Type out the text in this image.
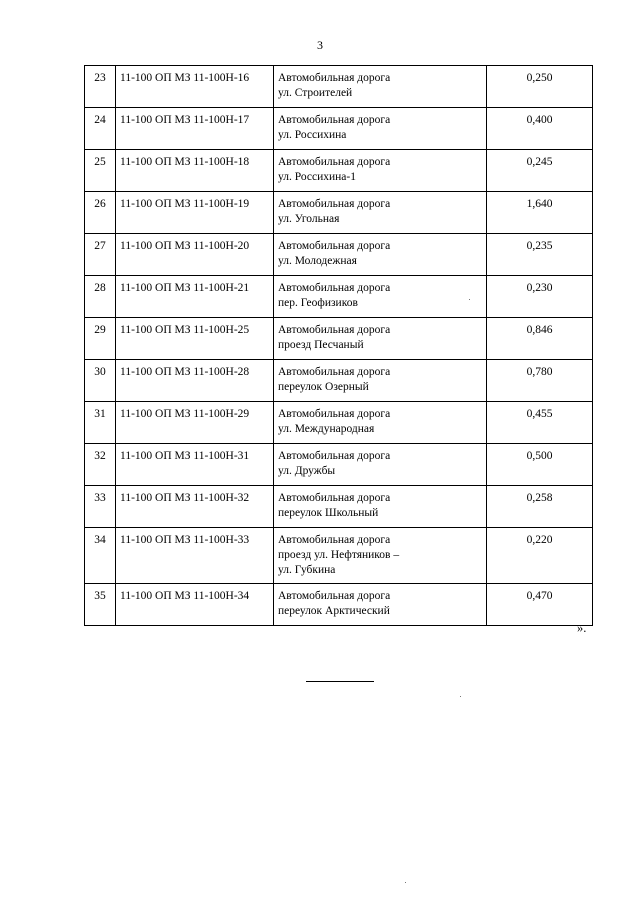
3
23	11-100 ОП МЗ 11-100Н-16	Автомобильная дорога
ул. Строителей	0,250
24	11-100 ОП МЗ 11-100Н-17	Автомобильная дорога
ул. Россихина	0,400
25	11-100 ОП МЗ 11-100Н-18	Автомобильная дорога
ул. Россихина-1	0,245
26	11-100 ОП МЗ 11-100Н-19	Автомобильная дорога
ул. Угольная	1,640
27	11-100 ОП МЗ 11-100Н-20	Автомобильная дорога
ул. Молодежная	0,235
28	11-100 ОП МЗ 11-100Н-21	Автомобильная дорога
пер. Геофизиков	0,230
29	11-100 ОП МЗ 11-100Н-25	Автомобильная дорога
проезд Песчаный	0,846
30	11-100 ОП МЗ 11-100Н-28	Автомобильная дорога
переулок Озерный	0,780
31	11-100 ОП МЗ 11-100Н-29	Автомобильная дорога
ул. Международная	0,455
32	11-100 ОП МЗ 11-100Н-31	Автомобильная дорога
ул. Дружбы	0,500
33	11-100 ОП МЗ 11-100Н-32	Автомобильная дорога
переулок Школьный	0,258
34	11-100 ОП МЗ 11-100Н-33	Автомобильная дорога
проезд ул. Нефтяников –
ул. Губкина	0,220
35	11-100 ОП МЗ 11-100Н-34	Автомобильная дорога
переулок Арктический	0,470
».
